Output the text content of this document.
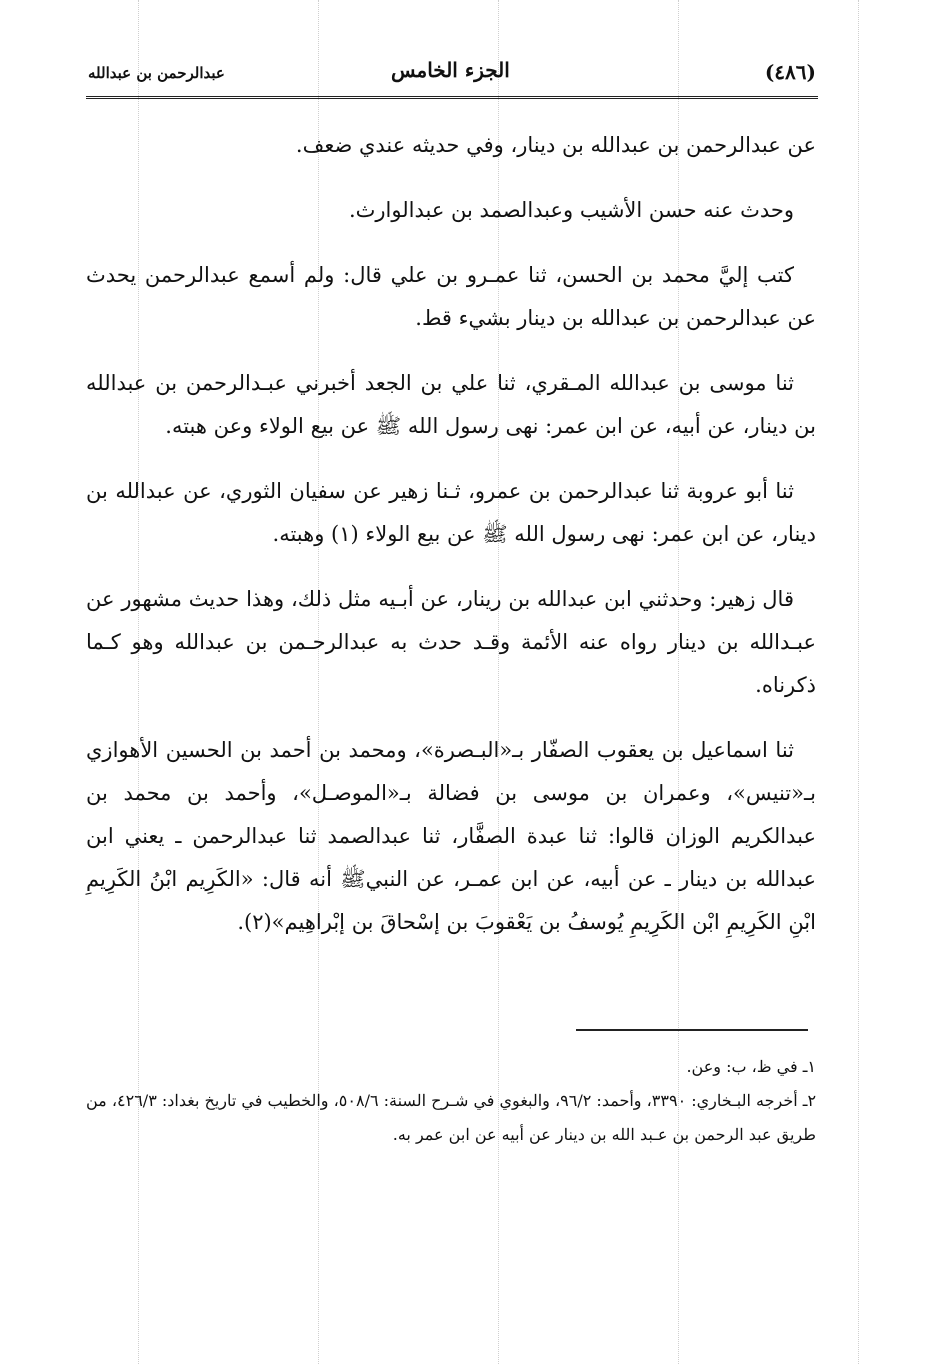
(٤٨٦)
الجزء الخامس
عبدالرحمن بن عبدالله

عن عبدالرحمن بن عبدالله بن دينار، وفي حديثه عندي ضعف.

وحدث عنه حسن الأشيب وعبدالصمد بن عبدالوارث.

كتب إليَّ محمد بن الحسن، ثنا عمـرو بن علي قال: ولم أسمع عبدالرحمن يحدث عن عبدالرحمن بن عبدالله بن دينار بشيء قط.

ثنا موسى بن عبدالله المـقري، ثنا علي بن الجعد أخبرني عبـدالرحمن بن عبدالله بن دينار، عن أبيه، عن ابن عمر: نهى رسول الله ﷺ عن بيع الولاء وعن هبته.

ثنا أبو عروبة ثنا عبدالرحمن بن عمرو، ثـنا زهير عن سفيان الثوري، عن عبدالله بن دينار، عن ابن عمر: نهى رسول الله ﷺ عن بيع الولاء (١) وهبته.

قال زهير: وحدثني ابن عبدالله بن رينار، عن أبـيه مثل ذلك، وهذا حديث مشهور عن عبـدالله بن دينار رواه عنه الأئمة وقـد حدث به عبدالرحـمن بن عبدالله وهو كـما ذكرناه.

ثنا اسماعيل بن يعقوب الصفّار بـ«البـصرة»، ومحمد بن أحمد بن الحسين الأهوازي بـ«تنيس»، وعمران بن موسى بن فضالة بـ«الموصـل»، وأحمد بن محمد بن عبدالكريم الوزان قالوا: ثنا عبدة الصفَّار، ثنا عبدالصمد ثنا عبدالرحمن ـ يعني ابن عبدالله بن دينار ـ عن أبيه، عن ابن عمـر، عن النبيﷺ أنه قال: «الكَرِيم ابْنُ الكَرِيمِ ابْنِ الكَرِيمِ ابْن الكَرِيمِ يُوسفُ بن يَعْقوبَ بن إسْحاقَ بن إبْراهِيم»(٢).

١ـ في ظ، ب: وعن.

٢ـ أخرجه البـخاري: ٣٣٩٠، وأحمد: ٩٦/٢، والبغوي في شـرح السنة: ٥٠٨/٦، والخطيب في تاريخ بغداد: ٤٢٦/٣، من طريق عبد الرحمن بن عـبد الله بن دينار عن أبيه عن ابن عمر به.
